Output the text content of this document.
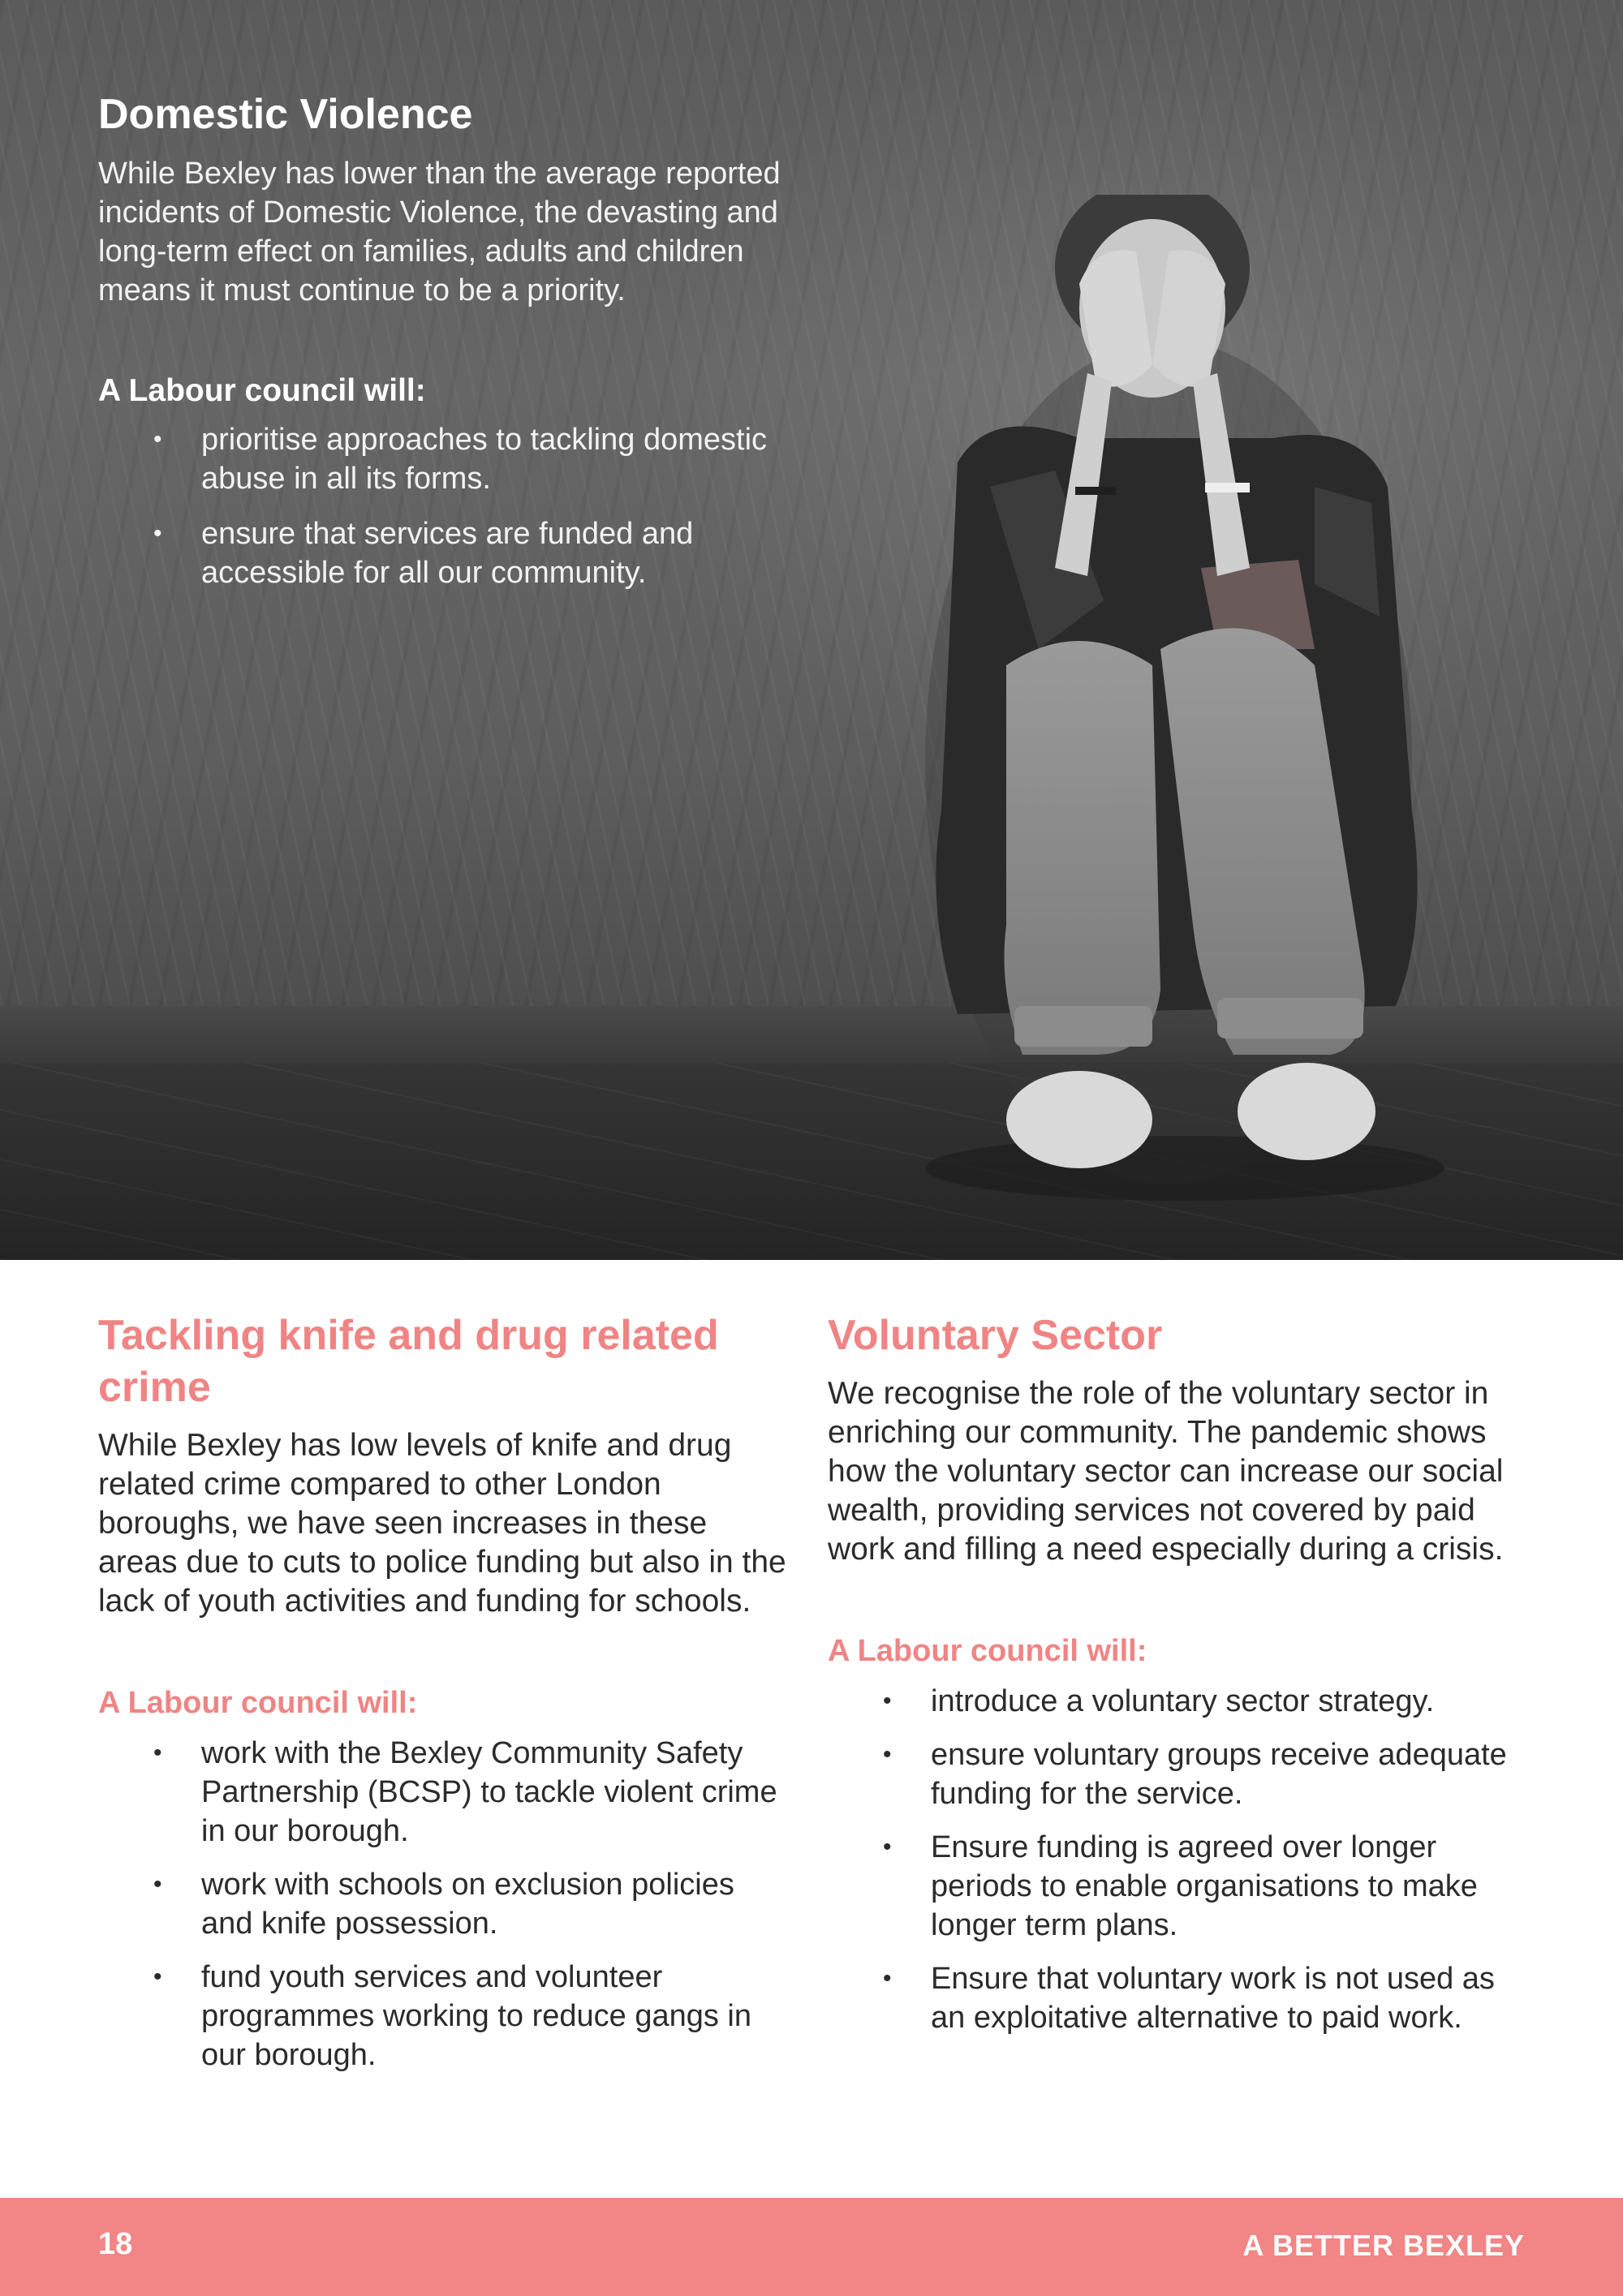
Domestic Violence

While Bexley has lower than the average reported incidents of Domestic Violence, the devasting and long-term effect on families, adults and children means it must continue to be a priority.

A Labour council will:
• prioritise approaches to tackling domestic abuse in all its forms.
• ensure that services are funded and accessible for all our community.
Tackling knife and drug related crime

While Bexley has low levels of knife and drug related crime compared to other London boroughs, we have seen increases in these areas due to cuts to police funding but also in the lack of youth activities and funding for schools.

A Labour council will:
• work with the Bexley Community Safety Partnership (BCSP) to tackle violent crime in our borough.
• work with schools on exclusion policies and knife possession.
• fund youth services and volunteer programmes working to reduce gangs in our borough.
Voluntary Sector

We recognise the role of the voluntary sector in enriching our community. The pandemic shows how the voluntary sector can increase our social wealth, providing services not covered by paid work and filling a need especially during a crisis.

A Labour council will:
• introduce a voluntary sector strategy.
• ensure voluntary groups receive adequate funding for the service.
• Ensure funding is agreed over longer periods to enable organisations to make longer term plans.
• Ensure that voluntary work is not used as an exploitative alternative to paid work.
18	A BETTER BEXLEY
